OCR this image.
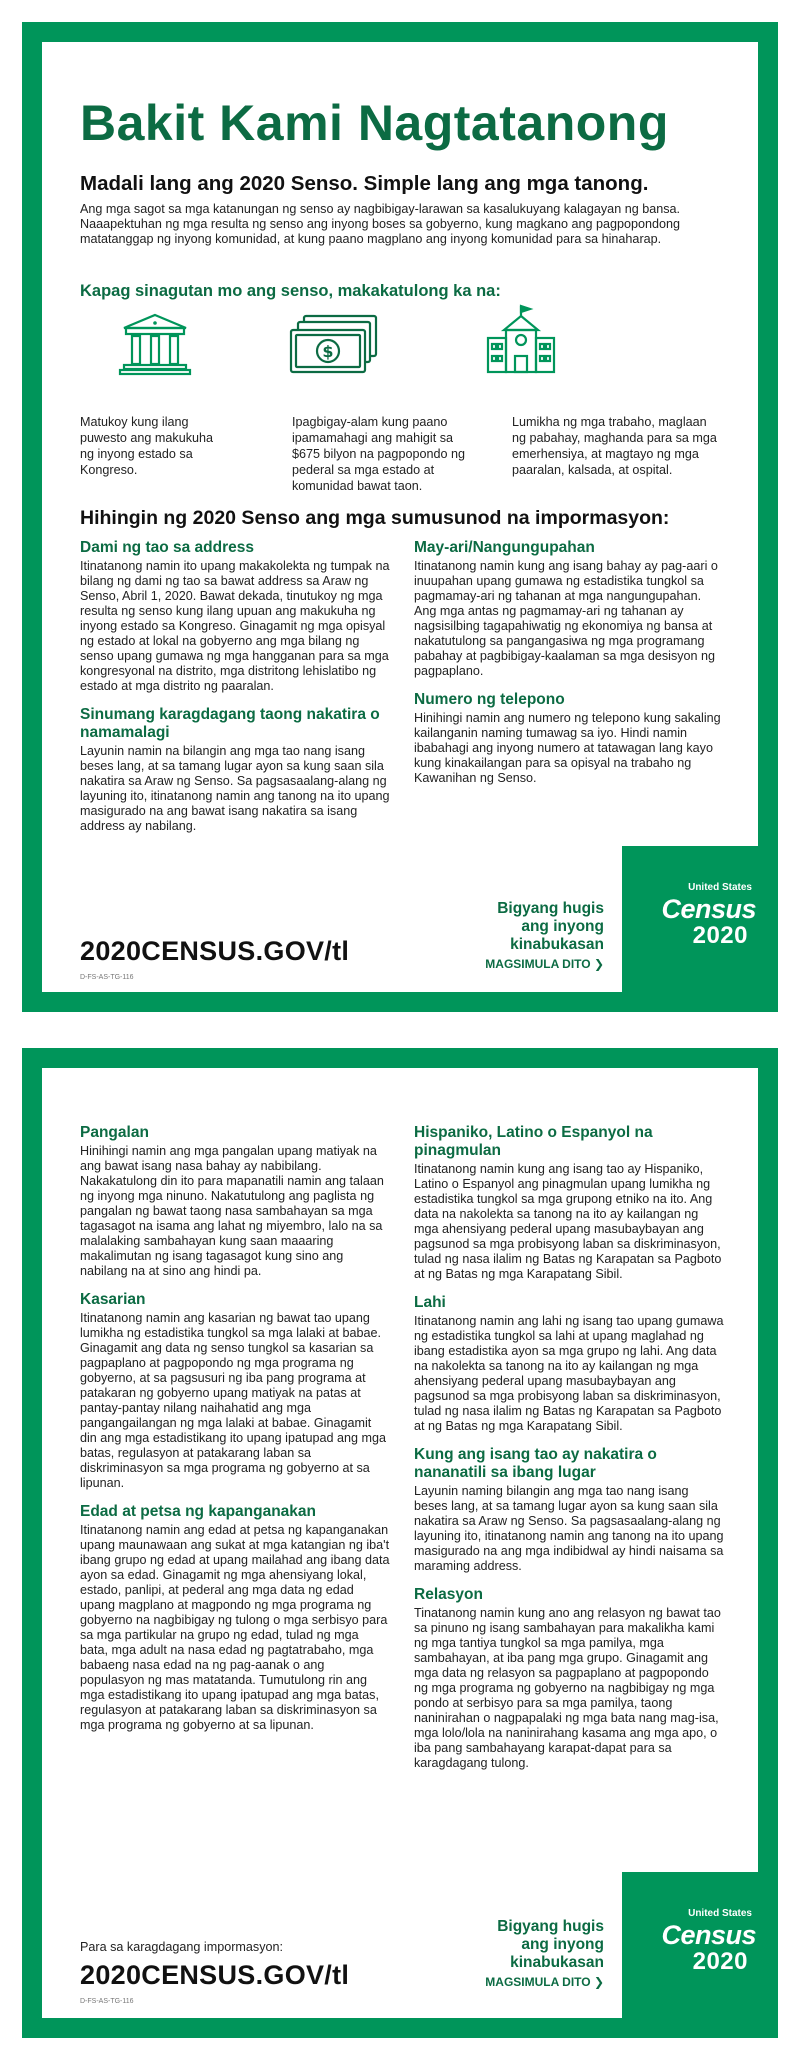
Bakit Kami Nagtatanong
Madali lang ang 2020 Senso. Simple lang ang mga tanong.
Ang mga sagot sa mga katanungan ng senso ay nagbibigay-larawan sa kasalukuyang kalagayan ng bansa. Naaapektuhan ng mga resulta ng senso ang inyong boses sa gobyerno, kung magkano ang pagpopondong matatanggap ng inyong komunidad, at kung paano magplano ang inyong komunidad para sa hinaharap.
Kapag sinagutan mo ang senso, makakatulong ka na:
$
Matukoy kung ilang puwesto ang makukuha ng inyong estado sa Kongreso.
Ipagbigay-alam kung paano ipamamahagi ang mahigit sa $675 bilyon na pagpopondo ng pederal sa mga estado at komunidad bawat taon.
Lumikha ng mga trabaho, maglaan ng pabahay, maghanda para sa mga emerhensiya, at magtayo ng mga paaralan, kalsada, at ospital.
Hihingin ng 2020 Senso ang mga sumusunod na impormasyon:
Dami ng tao sa address
Itinatanong namin ito upang makakolekta ng tumpak na bilang ng dami ng tao sa bawat address sa Araw ng Senso, Abril 1, 2020. Bawat dekada, tinutukoy ng mga resulta ng senso kung ilang upuan ang makukuha ng inyong estado sa Kongreso. Ginagamit ng mga opisyal ng estado at lokal na gobyerno ang mga bilang ng senso upang gumawa ng mga hangganan para sa mga kongresyonal na distrito, mga distritong lehislatibo ng estado at mga distrito ng paaralan.
Sinumang karagdagang taong nakatira o namamalagi
Layunin namin na bilangin ang mga tao nang isang beses lang, at sa tamang lugar ayon sa kung saan sila nakatira sa Araw ng Senso. Sa pagsasaalang-alang ng layuning ito, itinatanong namin ang tanong na ito upang masigurado na ang bawat isang nakatira sa isang address ay nabilang.
May-ari/Nangungupahan
Itinatanong namin kung ang isang bahay ay pag-aari o inuupahan upang gumawa ng estadistika tungkol sa pagmamay-ari ng tahanan at mga nangungupahan. Ang mga antas ng pagmamay-ari ng tahanan ay nagsisilbing tagapahiwatig ng ekonomiya ng bansa at nakatutulong sa pangangasiwa ng mga programang pabahay at pagbibigay-kaalaman sa mga desisyon ng pagpaplano.
Numero ng telepono
Hinihingi namin ang numero ng telepono kung sakaling kailanganin naming tumawag sa iyo. Hindi namin ibabahagi ang inyong numero at tatawagan lang kayo kung kinakailangan para sa opisyal na trabaho ng Kawanihan ng Senso.
Bigyang hugis
ang inyong
kinabukasan
MAGSIMULA DITO ❯
2020CENSUS.GOV/tl
D-FS-AS-TG-116
United States
Census
2020
Pangalan
Hinihingi namin ang mga pangalan upang matiyak na ang bawat isang nasa bahay ay nabibilang. Nakakatulong din ito para mapanatili namin ang talaan ng inyong mga ninuno. Nakatutulong ang paglista ng pangalan ng bawat taong nasa sambahayan sa mga tagasagot na isama ang lahat ng miyembro, lalo na sa malalaking sambahayan kung saan maaaring makalimutan ng isang tagasagot kung sino ang nabilang na at sino ang hindi pa.
Kasarian
Itinatanong namin ang kasarian ng bawat tao upang lumikha ng estadistika tungkol sa mga lalaki at babae. Ginagamit ang data ng senso tungkol sa kasarian sa pagpaplano at pagpopondo ng mga programa ng gobyerno, at sa pagsusuri ng iba pang programa at patakaran ng gobyerno upang matiyak na patas at pantay-pantay nilang naihahatid ang mga pangangailangan ng mga lalaki at babae. Ginagamit din ang mga estadistikang ito upang ipatupad ang mga batas, regulasyon at patakarang laban sa diskriminasyon sa mga programa ng gobyerno at sa lipunan.
Edad at petsa ng kapanganakan
Itinatanong namin ang edad at petsa ng kapanganakan upang maunawaan ang sukat at mga katangian ng iba't ibang grupo ng edad at upang mailahad ang ibang data ayon sa edad. Ginagamit ng mga ahensiyang lokal, estado, panlipi, at pederal ang mga data ng edad upang magplano at magpondo ng mga programa ng gobyerno na nagbibigay ng tulong o mga serbisyo para sa mga partikular na grupo ng edad, tulad ng mga bata, mga adult na nasa edad ng pagtatrabaho, mga babaeng nasa edad na ng pag-aanak o ang populasyon ng mas matatanda. Tumutulong rin ang mga estadistikang ito upang ipatupad ang mga batas, regulasyon at patakarang laban sa diskriminasyon sa mga programa ng gobyerno at sa lipunan.
Hispaniko, Latino o Espanyol na pinagmulan
Itinatanong namin kung ang isang tao ay Hispaniko, Latino o Espanyol ang pinagmulan upang lumikha ng estadistika tungkol sa mga grupong etniko na ito. Ang data na nakolekta sa tanong na ito ay kailangan ng mga ahensiyang pederal upang masubaybayan ang pagsunod sa mga probisyong laban sa diskriminasyon, tulad ng nasa ilalim ng Batas ng Karapatan sa Pagboto at ng Batas ng mga Karapatang Sibil.
Lahi
Itinatanong namin ang lahi ng isang tao upang gumawa ng estadistika tungkol sa lahi at upang maglahad ng ibang estadistika ayon sa mga grupo ng lahi. Ang data na nakolekta sa tanong na ito ay kailangan ng mga ahensiyang pederal upang masubaybayan ang pagsunod sa mga probisyong laban sa diskriminasyon, tulad ng nasa ilalim ng Batas ng Karapatan sa Pagboto at ng Batas ng mga Karapatang Sibil.
Kung ang isang tao ay nakatira o nananatili sa ibang lugar
Layunin naming bilangin ang mga tao nang isang beses lang, at sa tamang lugar ayon sa kung saan sila nakatira sa Araw ng Senso. Sa pagsasaalang-alang ng layuning ito, itinatanong namin ang tanong na ito upang masigurado na ang mga indibidwal ay hindi naisama sa maraming address.
Relasyon
Tinatanong namin kung ano ang relasyon ng bawat tao sa pinuno ng isang sambahayan para makalikha kami ng mga tantiya tungkol sa mga pamilya, mga sambahayan, at iba pang mga grupo. Ginagamit ang mga data ng relasyon sa pagpaplano at pagpopondo ng mga programa ng gobyerno na nagbibigay ng mga pondo at serbisyo para sa mga pamilya, taong naninirahan o nagpapalaki ng mga bata nang mag-isa, mga lolo/lola na naninirahang kasama ang mga apo, o iba pang sambahayang karapat-dapat para sa karagdagang tulong.
Bigyang hugis
ang inyong
kinabukasan
MAGSIMULA DITO ❯
Para sa karagdagang impormasyon:
2020CENSUS.GOV/tl
D-FS-AS-TG-116
United States
Census
2020
